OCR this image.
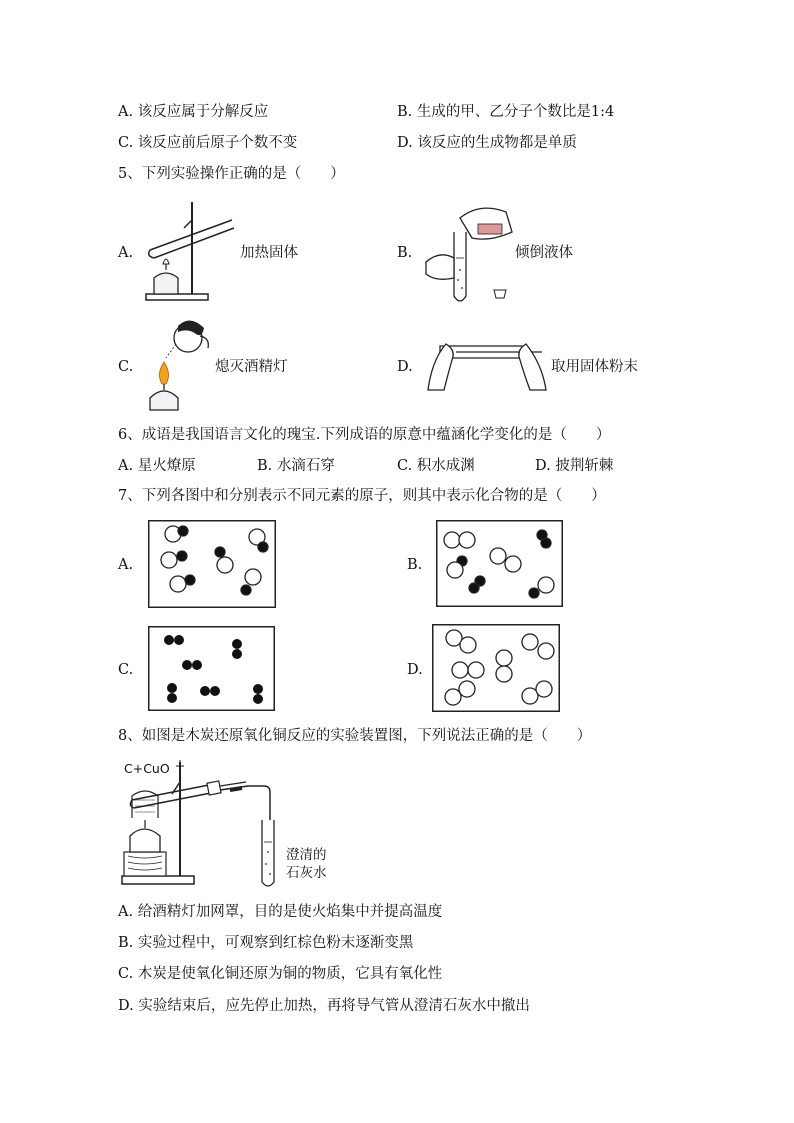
A. 该反应属于分解反应	B. 生成的甲、乙分子个数比是1:4
C. 该反应前后原子个数不变	D. 该反应的生成物都是单质
5、下列实验操作正确的是（　　）
A.	加热固体	B.	倾倒液体
C.	熄灭酒精灯	D.	取用固体粉末
6、成语是我国语言文化的瑰宝.下列成语的原意中蕴涵化学变化的是（　　）
A. 星火燎原	B. 水滴石穿	C. 积水成渊	D. 披荆斩棘
7、下列各图中和分别表示不同元素的原子，则其中表示化合物的是（　　）
A.	B.
C.	D.
8、如图是木炭还原氧化铜反应的实验装置图，下列说法正确的是（　　）
C+CuO
澄清的
石灰水
A. 给酒精灯加网罩，目的是使火焰集中并提高温度
B. 实验过程中，可观察到红棕色粉末逐渐变黑
C. 木炭是使氧化铜还原为铜的物质，它具有氧化性
D. 实验结束后，应先停止加热，再将导气管从澄清石灰水中撤出
